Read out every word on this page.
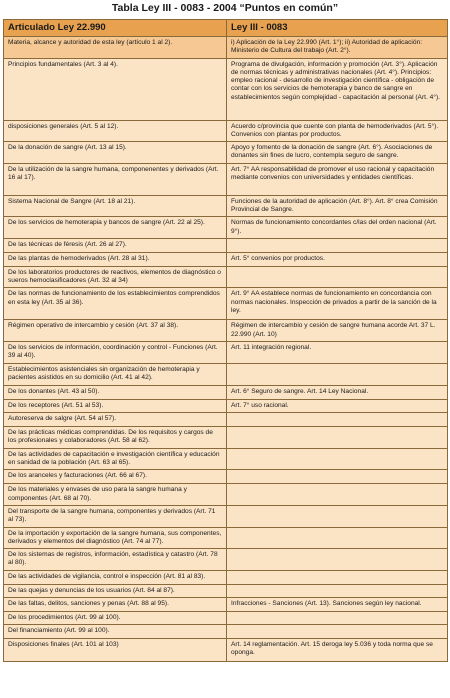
Tabla Ley III - 0083 - 2004 “Puntos en común”
Articulado Ley 22.990	Ley III - 0083
Materia, alcance y autoridad de esta ley (artículo 1 al 2).	i) Aplicación de la Ley 22.990 (Art. 1°); ii) Autoridad de aplicación: Ministerio de Cultura del trabajo (Art. 2°).
Principios fundamentales (Art. 3 al 4).	Programa de divulgación, información y promoción (Art. 3°). Aplicación de normas técnicas y administrativas nacionales (Art. 4°). Principios: empleo racional - desarrollo de investigación científica - obligación de contar con los servicios de hemoterapia y banco de sangre en establecimientos según complejidad - capacitación al personal (Art. 4°).
disposiciones generales (Art. 5 al 12).	Acuerdo c/provincia que cuente con planta de hemoderivados (Art. 5°). Convenios con plantas por productos.
De la donación de sangre (Art. 13 al 15).	Apoyo y fomento de la donación de sangre (Art. 6°). Asociaciones de donantes sin fines de lucro, contempla seguro de sangre.
De la utilización de la sangre humana, componenentes y derivados (Art. 16 al 17).	Art. 7° AA responsabilidad de promover el uso racional y capacitación mediante convenios con universidades y entidades científicas.
Sistema Nacional de Sangre (Art. 18 al 21).	Funciones de la autoridad de aplicación (Art. 8°). Art. 8° crea Comisión Provincial de Sangre.
De los servicios de hemoterapia y bancos de sangre (Art. 22 al 25).	Normas de funcionamiento concordantes c/las del orden nacional (Art. 9°).
De las técnicas de féresis (Art. 26 al 27).	
De las plantas de hemoderivados (Art. 28 al 31).	Art. 5° convenios por productos.
De los laboratorios productores de reactivos, elementos de diagnóstico o sueros hemoclasificadores (Art. 32 al 34)	
De las normas de funcionamiento de los establecimientos comprendidos en esta ley (Art. 35 al 36).	Art. 9° AA establece normas de funcionamiento en concordancia con normas nacionales. Inspección de privados a partir de la sanción de la ley.
Régimen operativo de intercambio y cesión (Art. 37 al 38).	Régimen de intercambio y cesión de sangre humana acorde Art. 37 L. 22.990 (Art. 10)
De los servicios de información, coordinación y control - Funciones (Art. 39 al 40).	Art. 11 integración regional.
Establecimientos asistenciales sin organización de hemoterapia y pacientes asistidos en su domicilio (Art. 41 al 42).	
De los donantes (Art. 43 al 50).	Art. 6° Seguro de sangre. Art. 14 Ley Nacional.
De los receptores (Art. 51 al 53).	Art. 7° uso racional.
Autoreserva de salgre (Art. 54 al 57).	
De las prácticas médicas comprendidas. De los requisitos y cargos de los profesionales y colaboradores (Art. 58 al 62).	
De las actividades de capacitación e investigación científica y educación en sanidad de la población (Art. 63 al 65).	
De los aranceles y facturaciones (Art. 66 al 67).	
De los materiales y envases de uso para la sangre humana y componentes (Art. 68 al 70).	
Del transporte de la sangre humana, componentes y derivados (Art. 71 al 73).	
De la importación y exportación de la sangre humana, sus componentes, derivados y elementos del diagnóstico (Art. 74 al 77).	
De los sistemas de registros, información, estadística y catastro (Art. 78 al 80).	
De las actividades de vigilancia, control e inspección (Art. 81 al 83).	
De las quejas y denuncias de los usuarios (Art. 84 al 87).	
De las faltas, delitos, sanciones y penas (Art. 88 al 95).	Infracciones - Sanciones (Art. 13). Sanciones según ley nacional.
De los procedimientos (Art. 99 al 100).	
Del financiamiento (Art. 99 al 100).	
Disposiciones finales (Art. 101 al 103)	Art. 14 reglamentación. Art. 15 deroga ley 5.036 y toda norma que se oponga.
